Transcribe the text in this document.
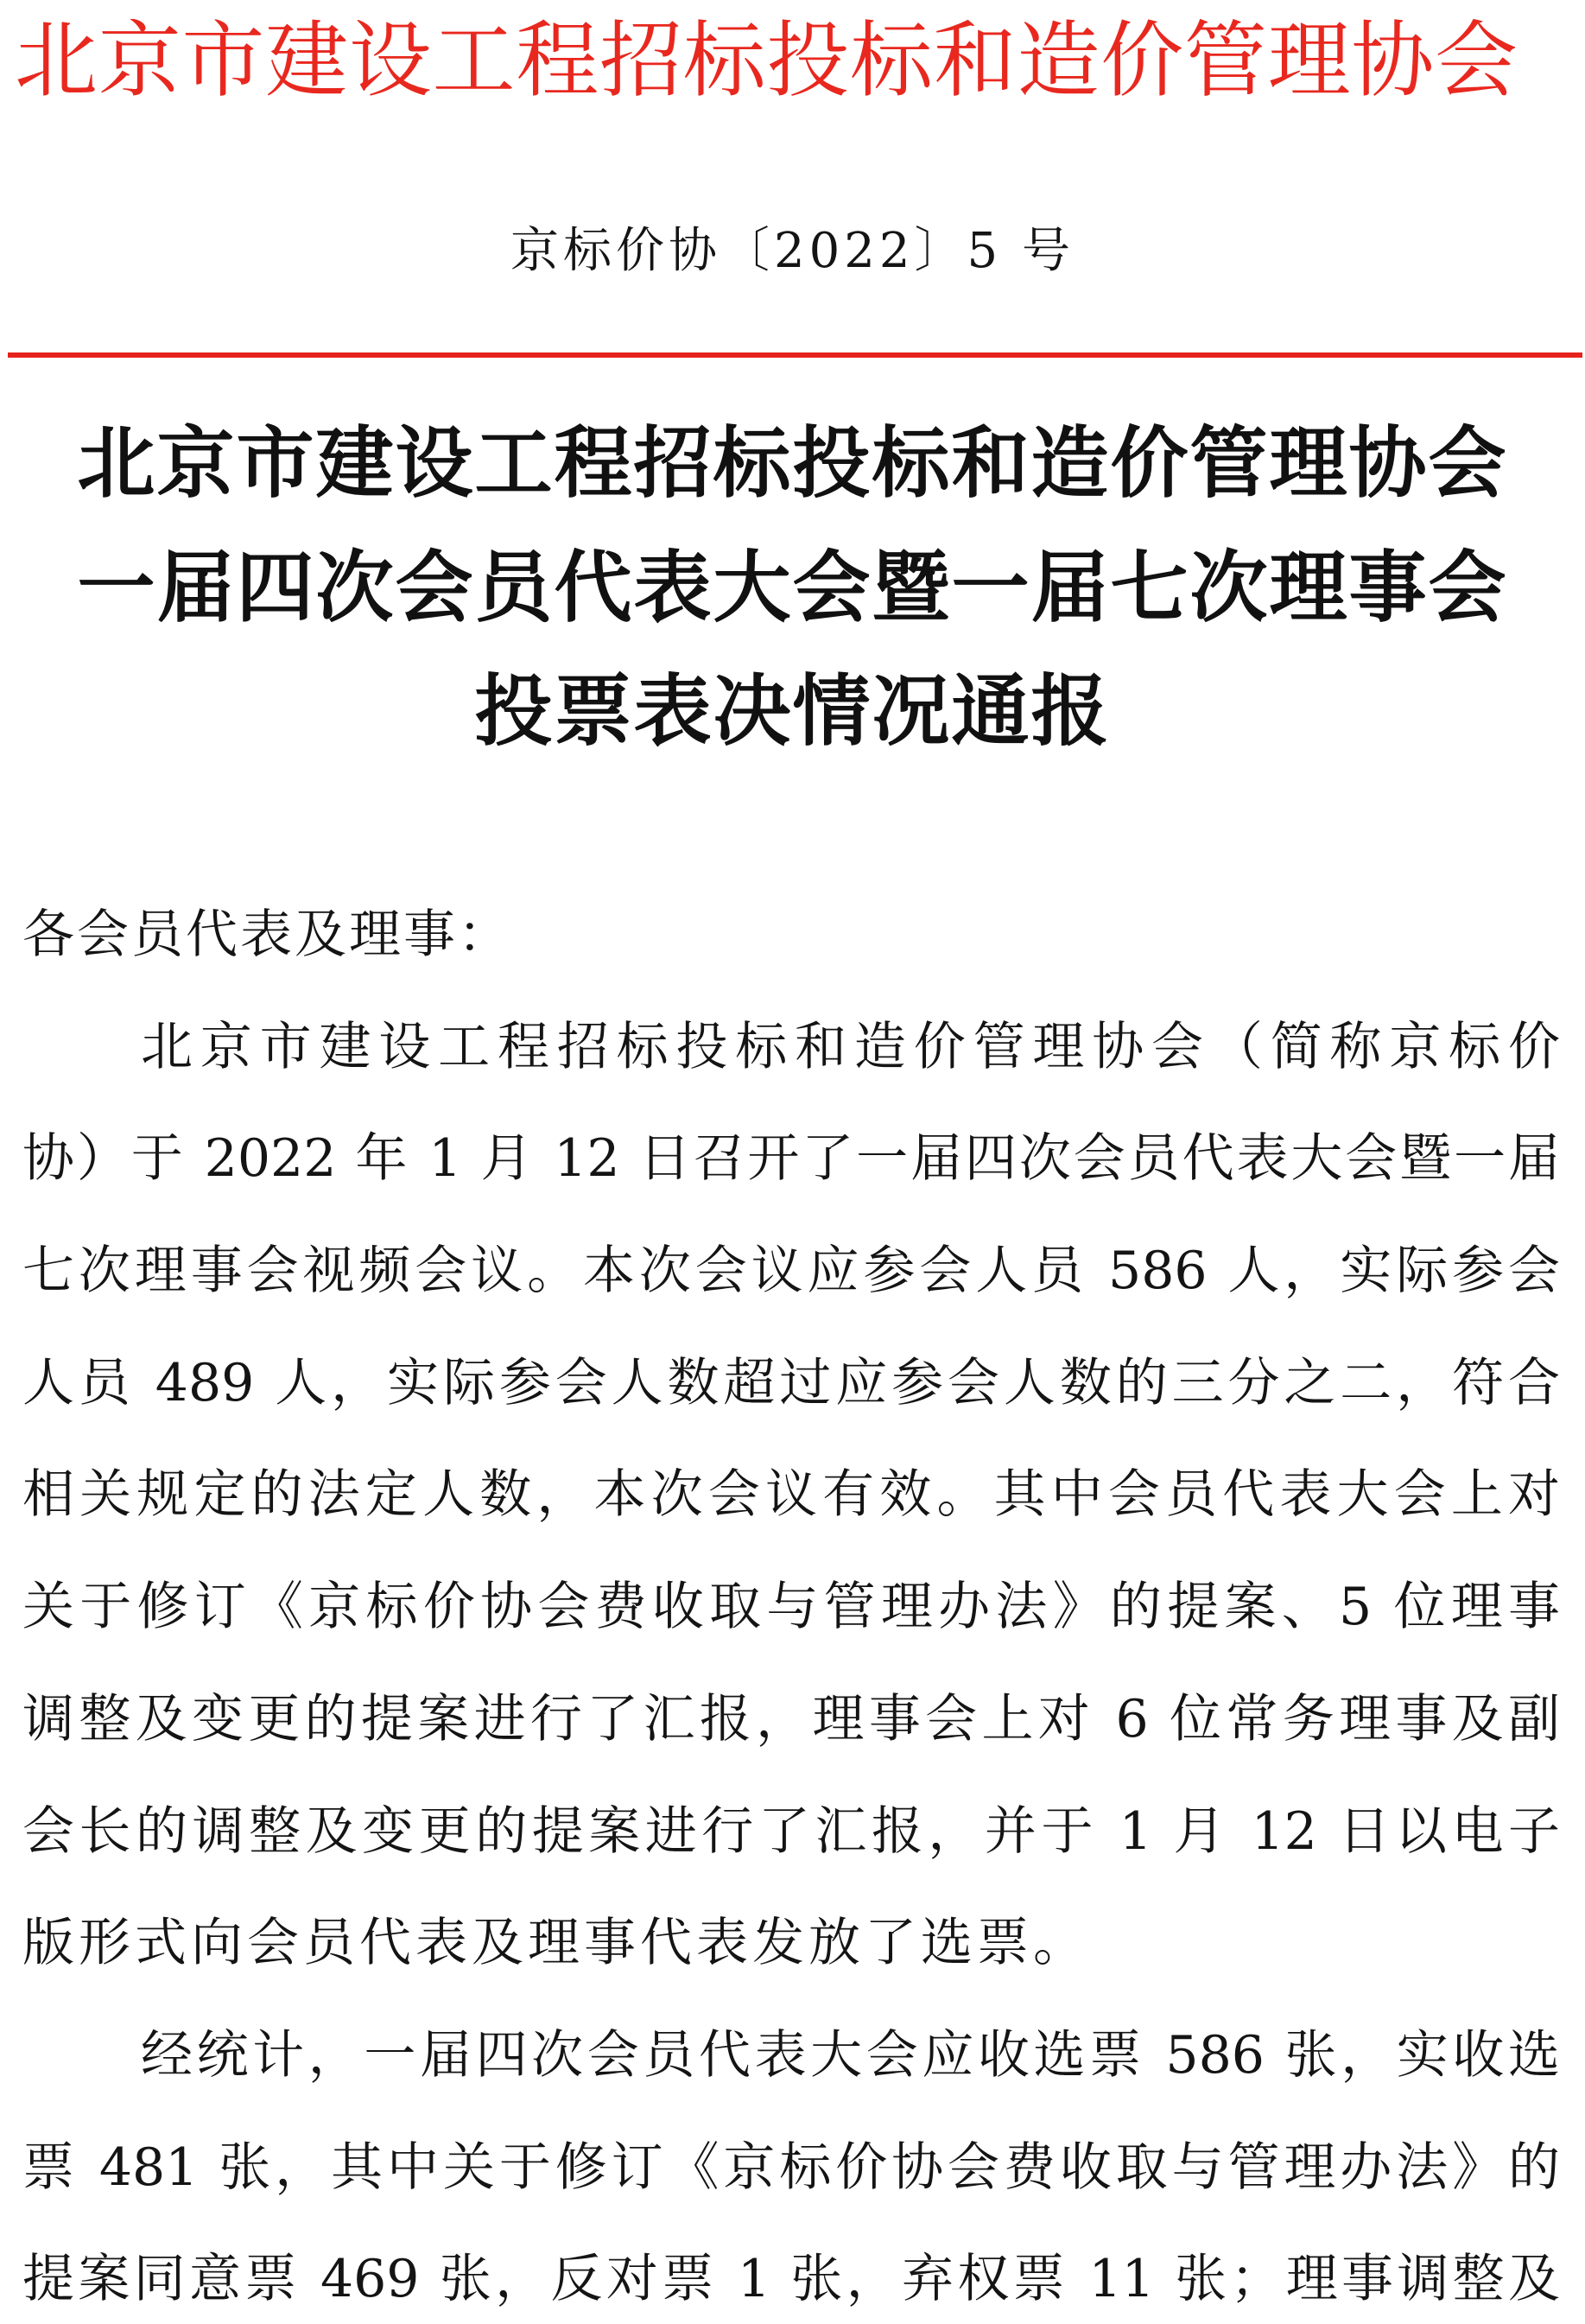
北京市建设工程招标投标和造价管理协会
京标价协〔2022〕5 号
北京市建设工程招标投标和造价管理协会
一届四次会员代表大会暨一届七次理事会
投票表决情况通报
各会员代表及理事：
北京市建设工程招标投标和造价管理协会（简称京标价
协）于 2022 年 1 月 12 日召开了一届四次会员代表大会暨一届
七次理事会视频会议。本次会议应参会人员 586 人，实际参会
人员 489 人，实际参会人数超过应参会人数的三分之二，符合
相关规定的法定人数，本次会议有效。其中会员代表大会上对
关于修订《京标价协会费收取与管理办法》的提案、5 位理事
调整及变更的提案进行了汇报，理事会上对 6 位常务理事及副
会长的调整及变更的提案进行了汇报，并于 1 月 12 日以电子
版形式向会员代表及理事代表发放了选票。
经统计，一届四次会员代表大会应收选票 586 张，实收选
票 481 张，其中关于修订《京标价协会费收取与管理办法》的
提案同意票 469 张，反对票 1 张，弃权票 11 张；理事调整及
